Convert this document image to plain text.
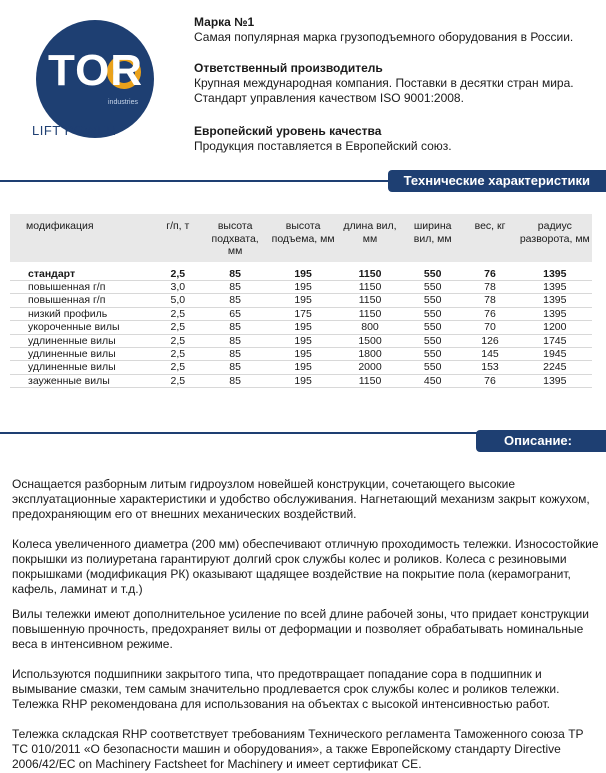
TOR
industries
LIFT POWER
Марка №1
Самая популярная марка грузоподъемного оборудования в России.
Ответственный производитель
Крупная международная компания. Поставки в десятки стран мира. Стандарт управления качеством ISO 9001:2008.
Европейский уровень качества
Продукция поставляется в Европейский союз.
Технические характеристики
модификация	г/п, т	высота подхвата, мм	высота подъема, мм	длина вил, мм	ширина вил, мм	вес, кг	радиус разворота, мм

стандарт	2,5	85	195	1150	550	76	1395
повышенная г/п	3,0	85	195	1150	550	78	1395
повышенная г/п	5,0	85	195	1150	550	78	1395
низкий профиль	2,5	65	175	1150	550	76	1395
укороченные вилы	2,5	85	195	800	550	70	1200
удлиненные вилы	2,5	85	195	1500	550	126	1745
удлиненные вилы	2,5	85	195	1800	550	145	1945
удлиненные вилы	2,5	85	195	2000	550	153	2245
зауженные вилы	2,5	85	195	1150	450	76	1395
Описание:
Оснащается разборным литым гидроузлом новейшей конструкции, сочетающего высокие эксплуатационные характеристики и удобство обслуживания. Нагнетающий механизм закрыт кожухом, предохраняющим его от внешних механических воздействий.
Колеса увеличенного диаметра (200 мм) обеспечивают отличную проходимость тележки. Износостойкие покрышки из полиуретана гарантируют долгий срок службы колес и роликов. Колеса с резиновыми покрышками (модификация РК) оказывают щадящее воздействие на покрытие пола (керамогранит, кафель, ламинат и т.д.)
Вилы тележки имеют дополнительное усиление по всей длине рабочей зоны, что придает конструкции повышенную прочность, предохраняет вилы от деформации и позволяет обрабатывать номинальные веса в интенсивном режиме.
Используются подшипники закрытого типа, что предотвращает попадание сора в подшипник и вымывание смазки, тем самым значительно продлевается срок службы колес и роликов тележки. Тележка RHP рекомендована для использования на объектах с высокой интенсивностью работ.
Тележка складская RHP соответствует требованиям Технического регламента Таможенного союза ТР ТС 010/2011 «О безопасности машин и оборудования», а также Европейскому стандарту Directive 2006/42/EC on Machinery Factsheet for Machinery и имеет сертификат CE.
